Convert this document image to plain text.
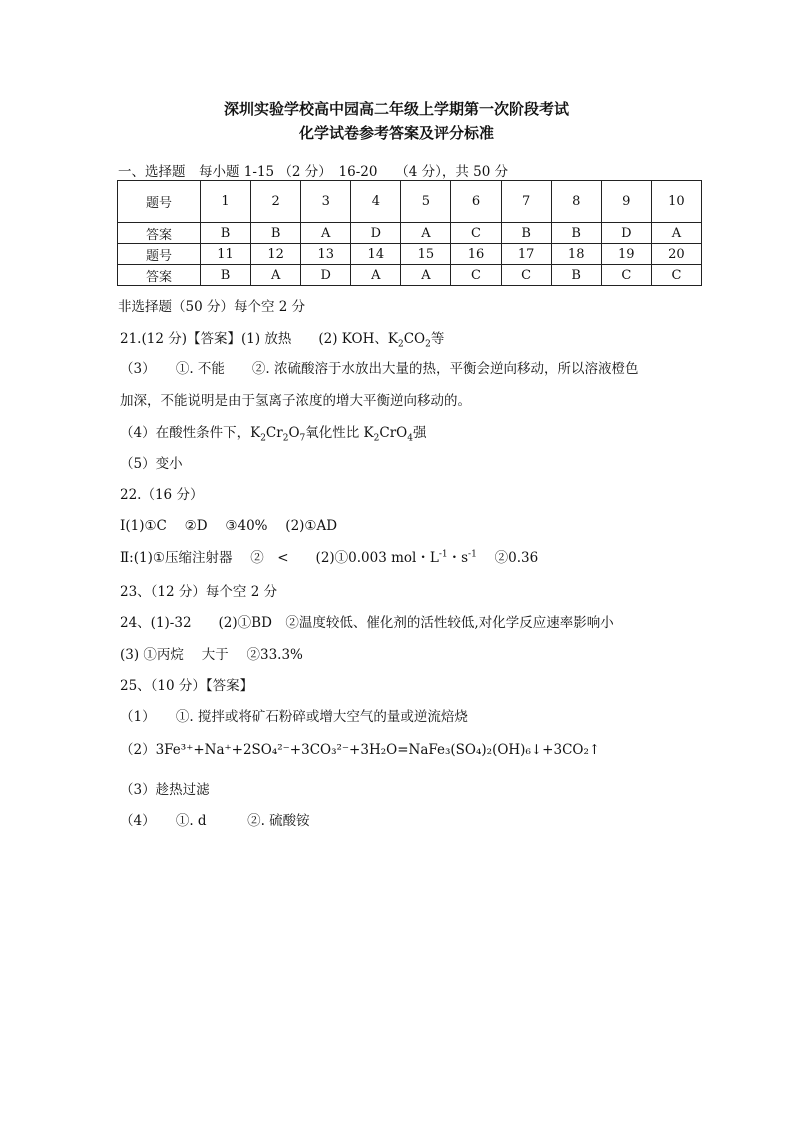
深圳实验学校高中园高二年级上学期第一次阶段考试
化学试卷参考答案及评分标准
一、选择题　每小题 1-15 （2 分）　16-20　 （4 分），共 50 分
题号	1	2	3	4	5	6	7	8	9	10
答案	B	B	A	D	A	C	B	B	D	A
题号	11	12	13	14	15	16	17	18	19	20
答案	B	A	D	A	A	C	C	B	C	C
非选择题（50 分）每个空 2 分
21.(12 分)【答案】(1) 放热　　(2) KOH、$K_2CO_2$等
（3）　　①. 不能　　②. 浓硫酸溶于水放出大量的热，平衡会逆向移动，所以溶液橙色
加深，不能说明是由于氢离子浓度的增大平衡逆向移动的。
（4）在酸性条件下，$K_2Cr_2O_7$氧化性比 $K_2CrO_4$强
（5）变小
22.（16 分）
Ⅰ(1)①C　 ②D　 ③40%　 (2)①AD
Ⅱ:(1)①压缩注射器　 ②　<　　(2)①0.003 mol・$L^{-1}$・$s^{-1}$　 ②0.36
23、（12 分）每个空 2 分
24、(1)-32　　(2)①BD　②温度较低、催化剂的活性较低,对化学反应速率影响小
(3) ①丙烷　 大于　 ②33.3%
25、（10 分）【答案】
（1）　　①. 搅拌或将矿石粉碎或增大空气的量或逆流焙烧
（2）3Fe³⁺+Na⁺+2SO₄²⁻+3CO₃²⁻+3H₂O=NaFe₃(SO₄)₂(OH)₆↓+3CO₂↑
（3）趁热过滤
（4）　　①. d　　　②. 硫酸铵
